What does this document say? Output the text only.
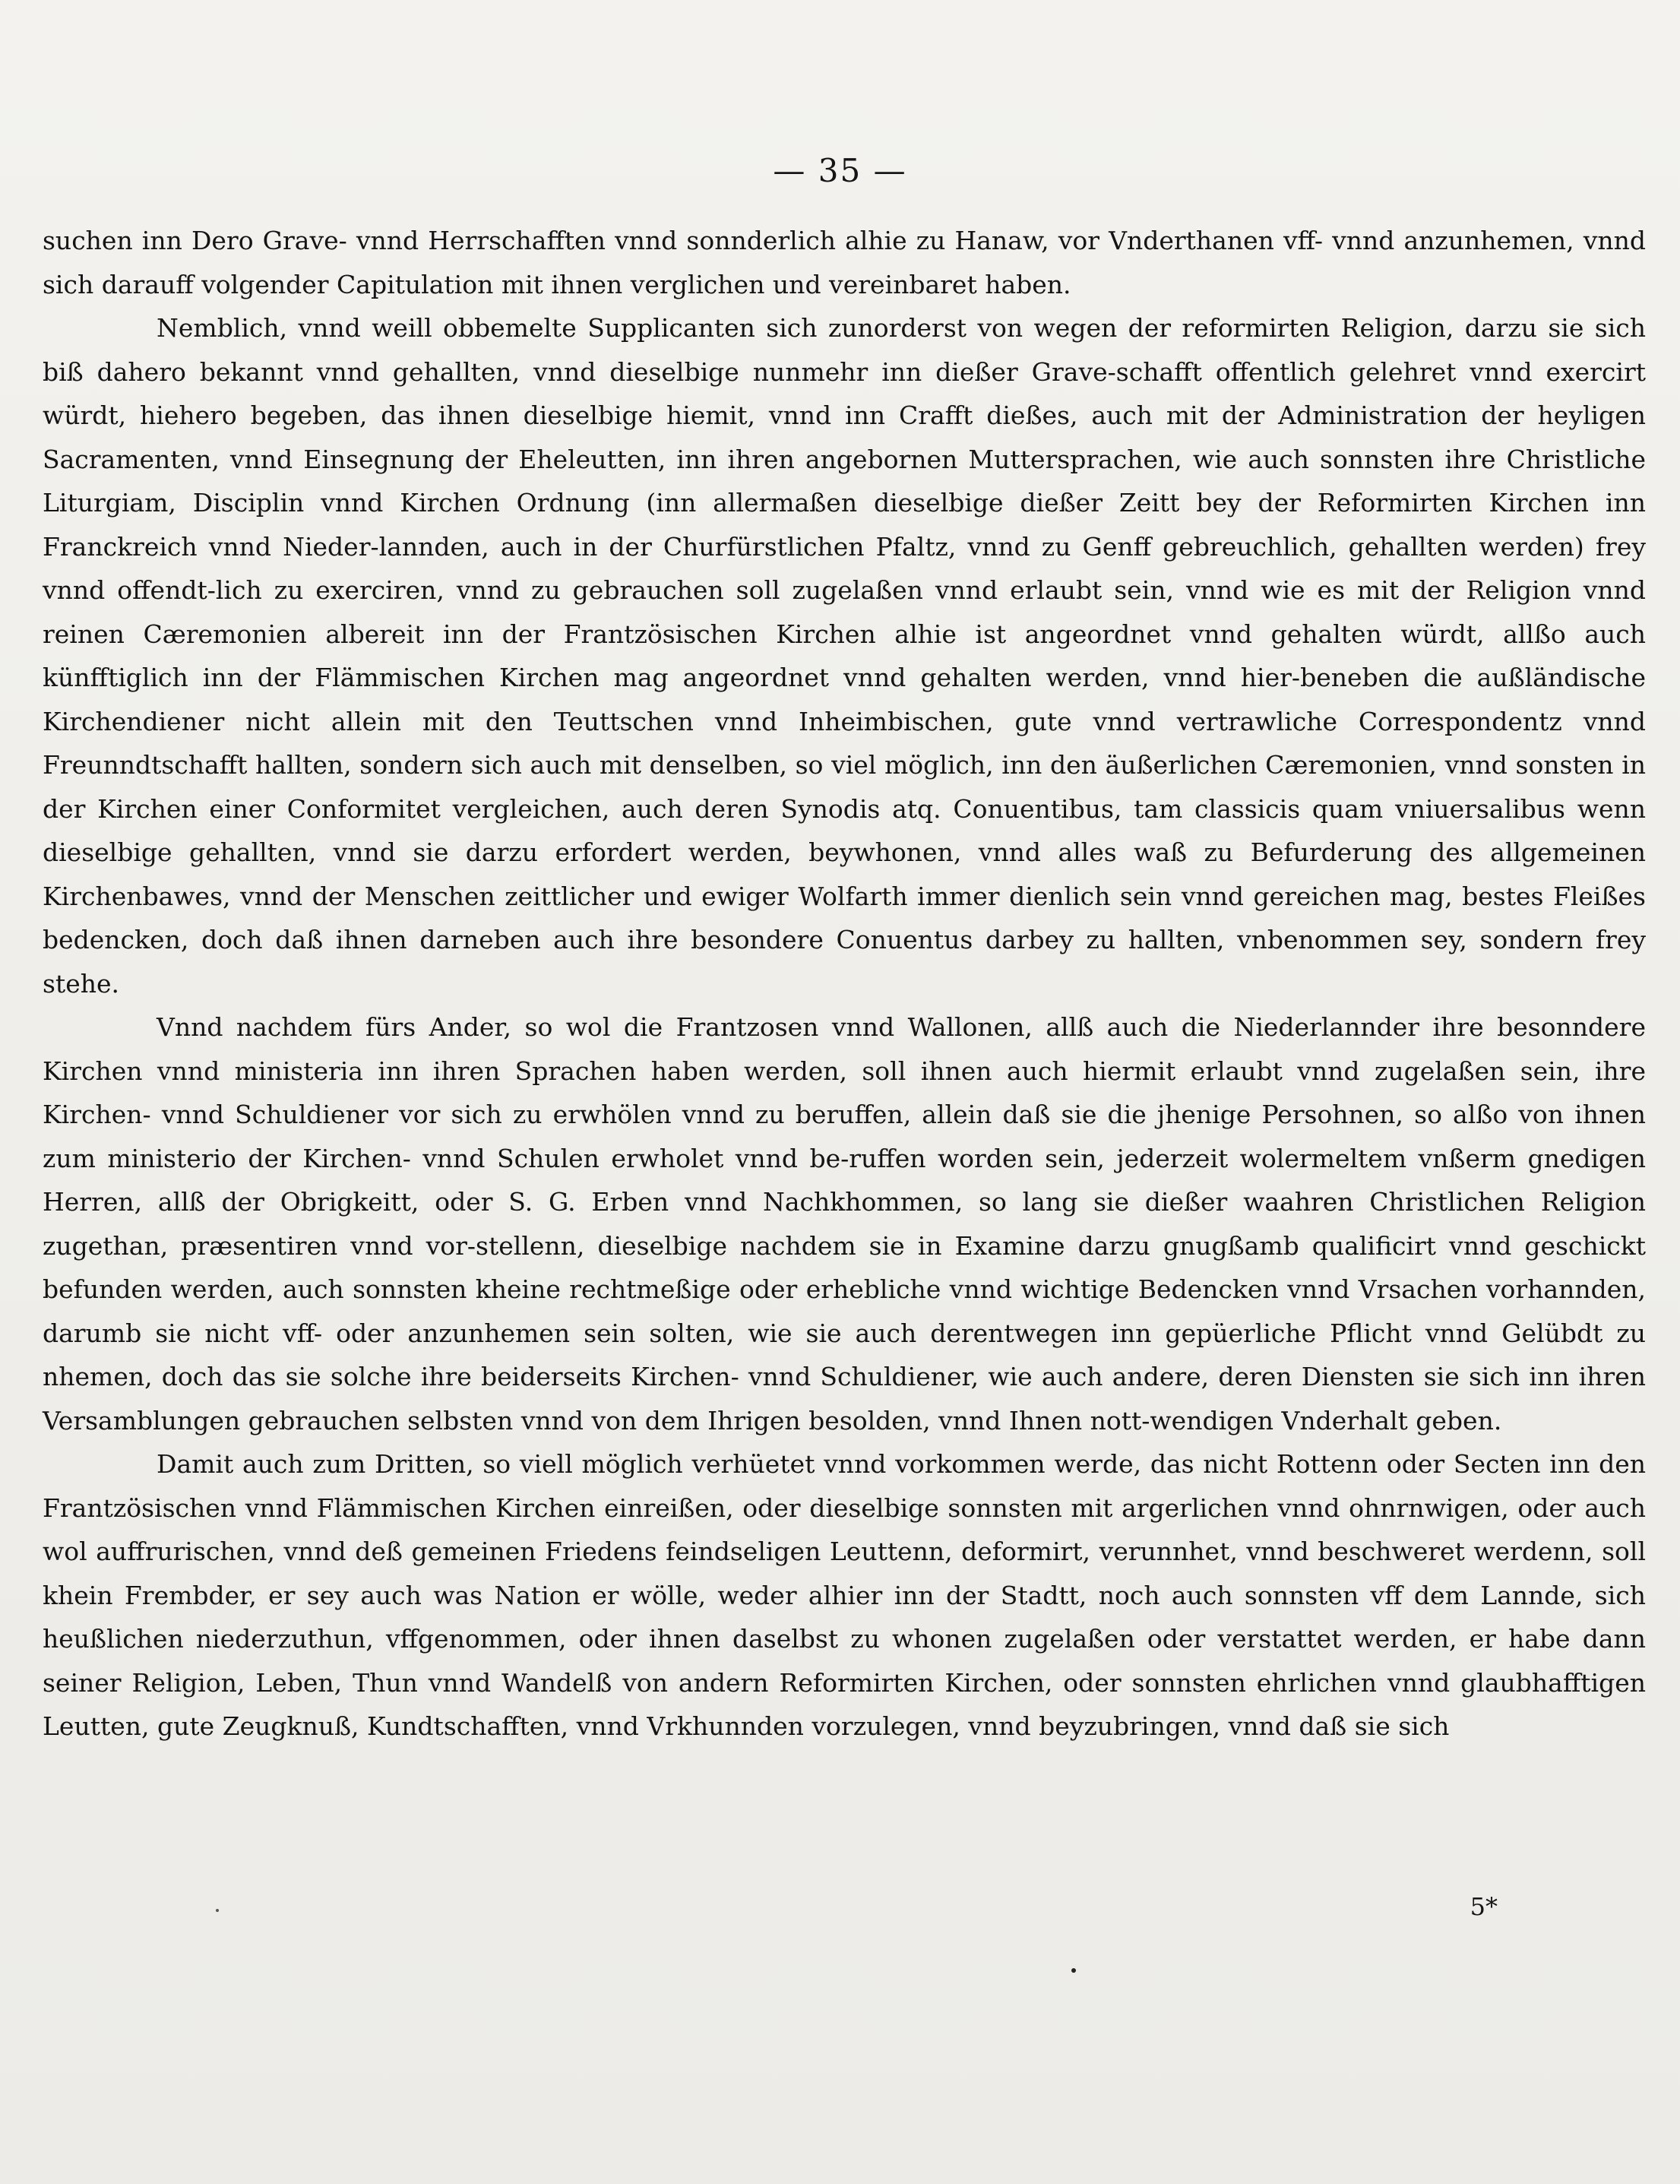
— 35 —

suchen inn Dero Grave- vnnd Herrschafften vnnd sonnderlich alhie zu Hanaw, vor Vnderthanen vff- vnnd anzunhemen, vnnd sich darauff volgender Capitulation mit ihnen verglichen und vereinbaret haben.

Nemblich, vnnd weill obbemelte Supplicanten sich zunorderst von wegen der reformirten Religion, darzu sie sich biß dahero bekannt vnnd gehallten, vnnd dieselbige nunmehr inn dießer Grave-schafft offentlich gelehret vnnd exercirt würdt, hiehero begeben, das ihnen dieselbige hiemit, vnnd inn Crafft dießes, auch mit der Administration der heyligen Sacramenten, vnnd Einsegnung der Eheleutten, inn ihren angebornen Muttersprachen, wie auch sonnsten ihre Christliche Liturgiam, Disciplin vnnd Kirchen Ordnung (inn allermaßen dieselbige dießer Zeitt bey der Reformirten Kirchen inn Franckreich vnnd Nieder-lannden, auch in der Churfürstlichen Pfaltz, vnnd zu Genff gebreuchlich, gehallten werden) frey vnnd offendt-lich zu exerciren, vnnd zu gebrauchen soll zugelaßen vnnd erlaubt sein, vnnd wie es mit der Religion vnnd reinen Cæremonien albereit inn der Frantzösischen Kirchen alhie ist angeordnet vnnd gehalten würdt, allßo auch künfftiglich inn der Flämmischen Kirchen mag angeordnet vnnd gehalten werden, vnnd hier-beneben die außländische Kirchendiener nicht allein mit den Teuttschen vnnd Inheimbischen, gute vnnd vertrawliche Correspondentz vnnd Freunndtschafft hallten, sondern sich auch mit denselben, so viel möglich, inn den äußerlichen Cæremonien, vnnd sonsten in der Kirchen einer Conformitet vergleichen, auch deren Synodis atq. Conuentibus, tam classicis quam vniuersalibus wenn dieselbige gehallten, vnnd sie darzu erfordert werden, beywhonen, vnnd alles waß zu Befurderung des allgemeinen Kirchenbawes, vnnd der Menschen zeittlicher und ewiger Wolfarth immer dienlich sein vnnd gereichen mag, bestes Fleißes bedencken, doch daß ihnen darneben auch ihre besondere Conuentus darbey zu hallten, vnbenommen sey, sondern frey stehe.

Vnnd nachdem fürs Ander, so wol die Frantzosen vnnd Wallonen, allß auch die Niederlannder ihre besonndere Kirchen vnnd ministeria inn ihren Sprachen haben werden, soll ihnen auch hiermit erlaubt vnnd zugelaßen sein, ihre Kirchen- vnnd Schuldiener vor sich zu erwhölen vnnd zu beruffen, allein daß sie die jhenige Persohnen, so alßo von ihnen zum ministerio der Kirchen- vnnd Schulen erwholet vnnd be-ruffen worden sein, jederzeit wolermeltem vnßerm gnedigen Herren, allß der Obrigkeitt, oder S. G. Erben vnnd Nachkhommen, so lang sie dießer waahren Christlichen Religion zugethan, præsentiren vnnd vor-stellenn, dieselbige nachdem sie in Examine darzu gnugßamb qualificirt vnnd geschickt befunden werden, auch sonnsten kheine rechtmeßige oder erhebliche vnnd wichtige Bedencken vnnd Vrsachen vorhannden, darumb sie nicht vff- oder anzunhemen sein solten, wie sie auch derentwegen inn gepüerliche Pflicht vnnd Gelübdt zu nhemen, doch das sie solche ihre beiderseits Kirchen- vnnd Schuldiener, wie auch andere, deren Diensten sie sich inn ihren Versamblungen gebrauchen selbsten vnnd von dem Ihrigen besolden, vnnd Ihnen nott-wendigen Vnderhalt geben.

Damit auch zum Dritten, so viell möglich verhüetet vnnd vorkommen werde, das nicht Rottenn oder Secten inn den Frantzösischen vnnd Flämmischen Kirchen einreißen, oder dieselbige sonnsten mit argerlichen vnnd ohnrnwigen, oder auch wol auffrurischen, vnnd deß gemeinen Friedens feindseligen Leuttenn, deformirt, verunnhet, vnnd beschweret werdenn, soll khein Frembder, er sey auch was Nation er wölle, weder alhier inn der Stadtt, noch auch sonnsten vff dem Lannde, sich heußlichen niederzuthun, vffgenommen, oder ihnen daselbst zu whonen zugelaßen oder verstattet werden, er habe dann seiner Religion, Leben, Thun vnnd Wandelß von andern Reformirten Kirchen, oder sonnsten ehrlichen vnnd glaubhafftigen Leutten, gute Zeugknuß, Kundtschafften, vnnd Vrkhunnden vorzulegen, vnnd beyzubringen, vnnd daß sie sich

5*
